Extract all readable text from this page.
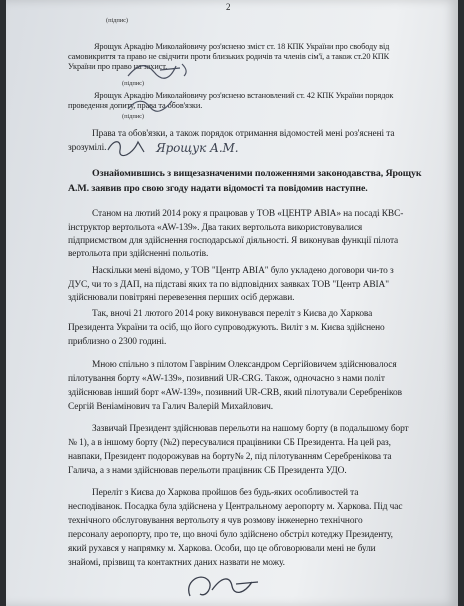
2
(підпис)
Ярощук Аркадію Миколайовичу роз'яснено зміст ст. 18 КПК України про свободу від
самовикриття та право не свідчити проти близьких родичів та членів сім'ї, а також ст.20 КПК
України про право на захист.
(підпис)
Ярощук Аркадію Миколайовичу роз'яснено встановлений ст. 42 КПК України порядок
проведення допиту, права та обов'язки.
(підпис)
Права та обов'язки, а також порядок отримання відомостей мені роз'яснені та
зрозумілі.	Ярощук А.М.
Ознайомившись з вищезазначеними положеннями законодавства, Ярощук
А.М. заявив про свою згоду надати відомості та повідомив наступне.
Станом на лютий 2014 року я працював у ТОВ «ЦЕНТР АВІА» на посаді КВС-
інструктор вертольота «AW-139». Два таких вертольота використовувалися
підприємством для здійснення господарської діяльності. Я виконував функції пілота
вертольота при здійсненні польотів.
Наскільки мені відомо, у ТОВ "Центр АВІА" було укладено договори чи-то з
ДУС, чи то з ДАП, на підставі яких та по відповідних заявках ТОВ "Центр АВІА"
здійснювали повітряні перевезення перших осіб держави.
Так, вночі 21 лютого 2014 року виконувався переліт з Києва до Харкова
Президента України та осіб, що його супроводжують. Виліт з м. Києва здійснено
приблизно о 2300 годині.
Мною спільно з пілотом Гавріним Олександром Сергійовичем здійснювалося
пілотування борту «AW-139», позивний UR-CRG. Також, одночасно з нами політ
здійснював інший борт «AW-139», позивний UR-CRB, який пілотували Серебреніков
Сергій Веніамінович та Галич Валерій Михайлович.
Зазвичай Президент здійснював перельоти на нашому борту (в подальшому борт
№ 1), а в іншому борту (№2) пересувалися працівники СБ Президента. На цей раз,
навпаки, Президент подорожував на борту№ 2, під пілотуванням Серебренікова та
Галича, а з нами здійснював перельоти працівник СБ Президента УДО.
Переліт з Києва до Харкова пройшов без будь-яких особливостей та
несподіванок. Посадка була здійснена у Центральному аеропорту м. Харкова. Під час
технічного обслуговування вертольоту я чув розмову інженерно технічного
персоналу аеропорту, про те, що вночі було здійснено обстріл котеджу Президенту,
який рухався у напрямку м. Харкова. Особи, що це обговорювали мені не були
знайомі, прізвищ та контактних даних назвати не можу.
